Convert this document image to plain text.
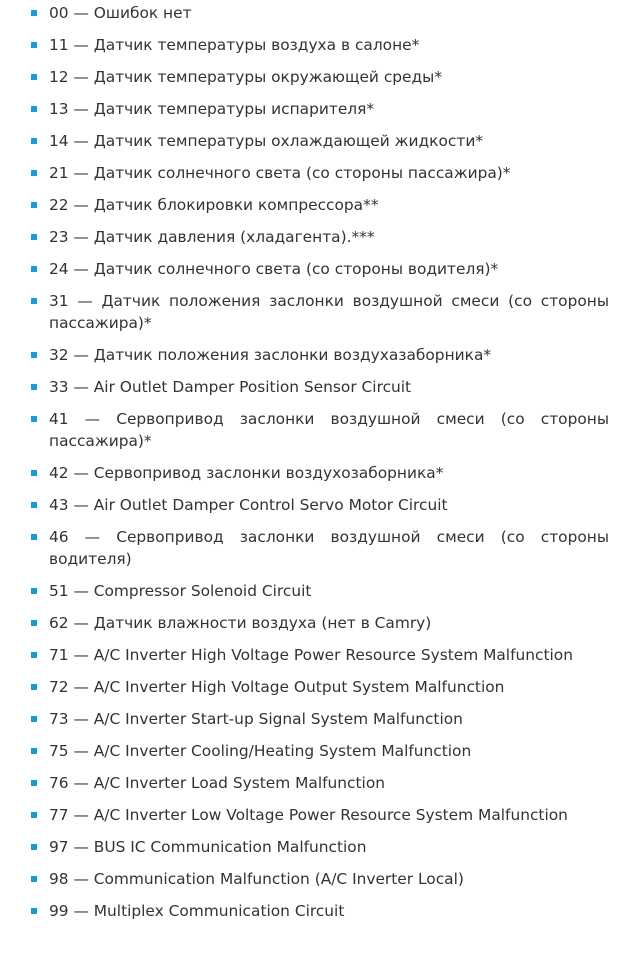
00 — Ошибок нет
11 — Датчик температуры воздуха в салоне*
12 — Датчик температуры окружающей среды*
13 — Датчик температуры испарителя*
14 — Датчик температуры охлаждающей жидкости*
21 — Датчик солнечного света (со стороны пассажира)*
22 — Датчик блокировки компрессора**
23 — Датчик давления (хладагента).***
24 — Датчик солнечного света (со стороны водителя)*
31 — Датчик положения заслонки воздушной смеси (со стороны пассажира)*
32 — Датчик положения заслонки воздухазаборника*
33 — Air Outlet Damper Position Sensor Circuit
41 — Сервопривод заслонки воздушной смеси (со стороны пассажира)*
42 — Сервопривод заслонки воздухозаборника*
43 — Air Outlet Damper Control Servo Motor Circuit
46 — Сервопривод заслонки воздушной смеси (со стороны водителя)
51 — Compressor Solenoid Circuit
62 — Датчик влажности воздуха (нет в Camry)
71 — A/C Inverter High Voltage Power Resource System Malfunction
72 — A/C Inverter High Voltage Output System Malfunction
73 — A/C Inverter Start-up Signal System Malfunction
75 — A/C Inverter Cooling/Heating System Malfunction
76 — A/C Inverter Load System Malfunction
77 — A/C Inverter Low Voltage Power Resource System Malfunction
97 — BUS IC Communication Malfunction
98 — Communication Malfunction (A/C Inverter Local)
99 — Multiplex Communication Circuit
